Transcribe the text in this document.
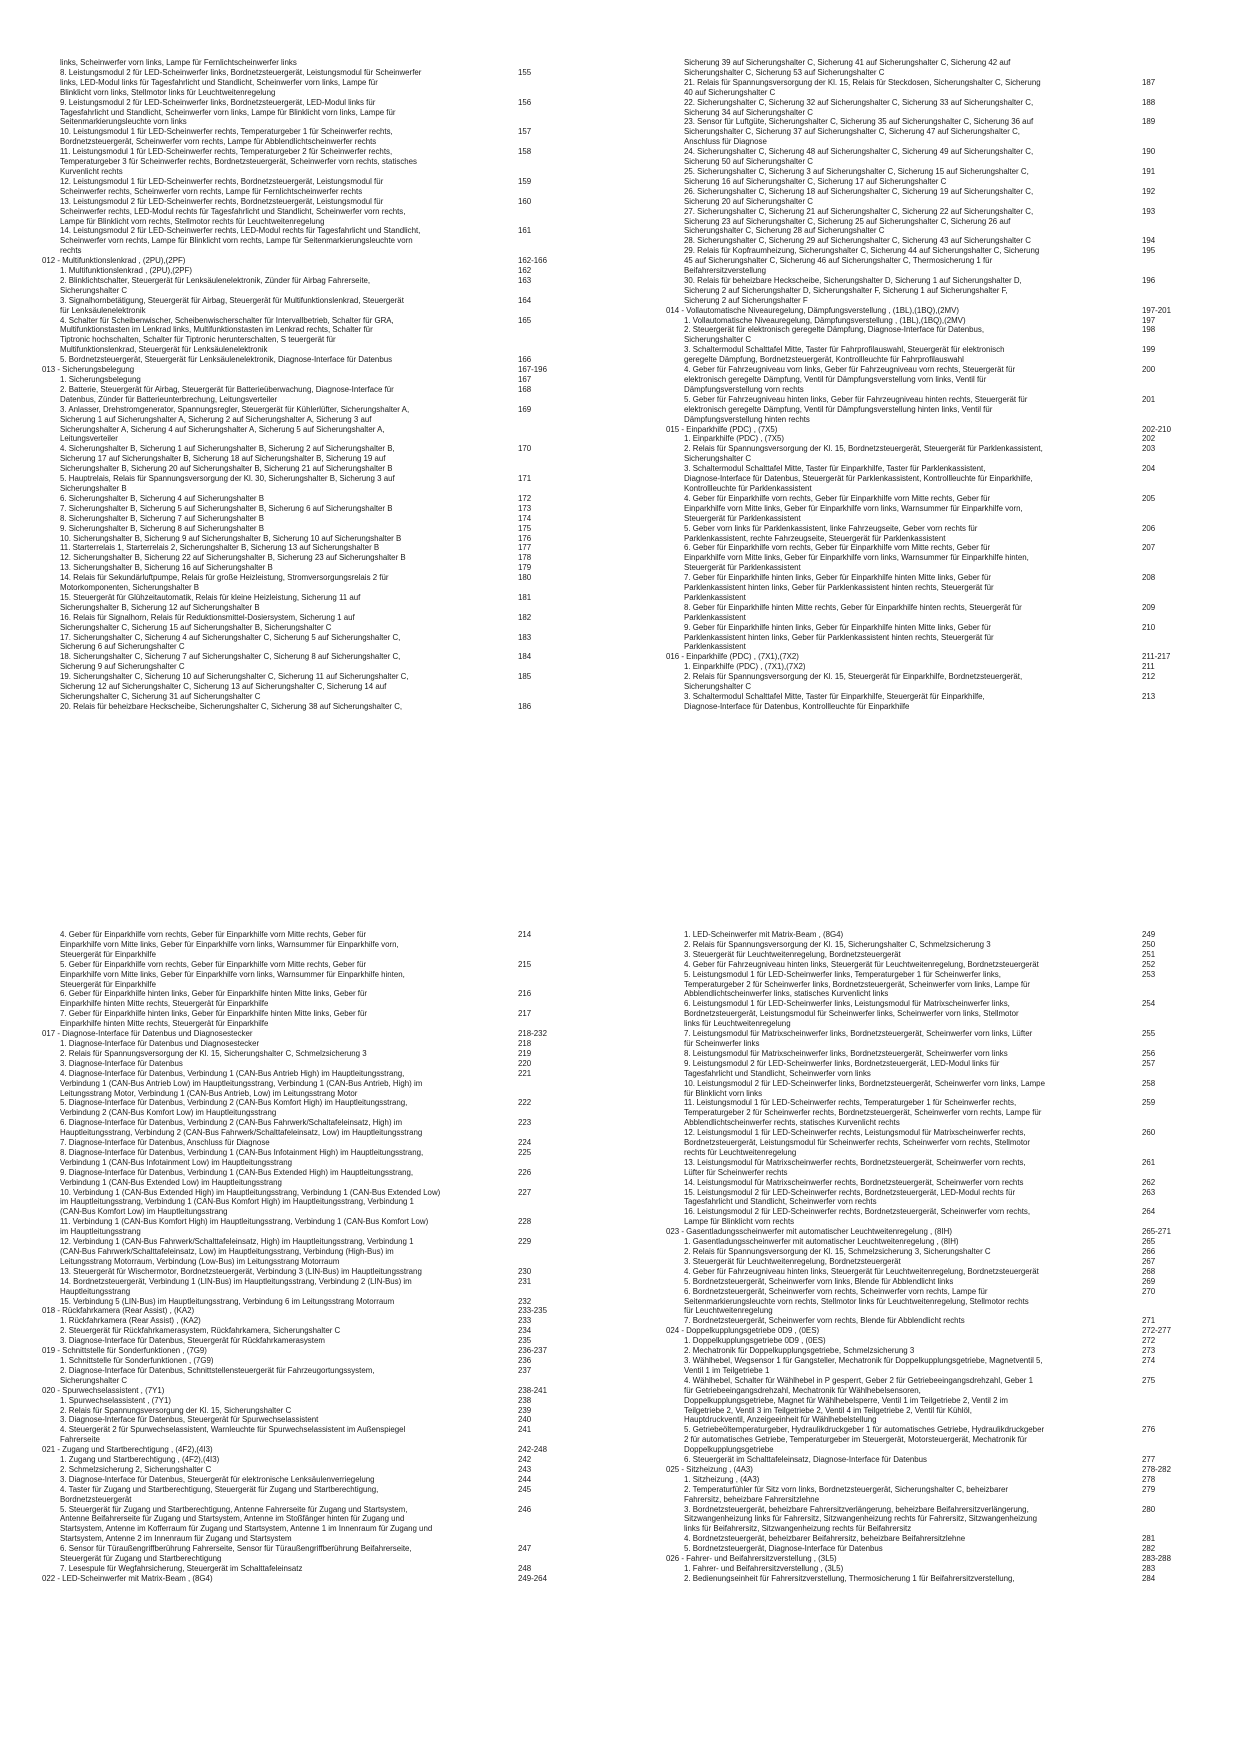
links, Scheinwerfer vorn links, Lampe für Fernlichtscheinwerfer links
8. Leistungsmodul 2 für LED-Scheinwerfer links, Bordnetzsteuergerät, Leistungsmodul für Scheinwerfer
links, LED-Modul links für Tagesfahrlicht und Standlicht, Scheinwerfer vorn links, Lampe für
Blinklicht vorn links, Stellmotor links für Leuchtweitenregelung
155
9. Leistungsmodul 2 für LED-Scheinwerfer links, Bordnetzsteuergerät, LED-Modul links für
Tagesfahrlicht und Standlicht, Scheinwerfer vorn links, Lampe für Blinklicht vorn links, Lampe für
Seitenmarkierungsleuchte vorn links
156
10. Leistungsmodul 1 für LED-Scheinwerfer rechts, Temperaturgeber 1 für Scheinwerfer rechts,
Bordnetzsteuergerät, Scheinwerfer vorn rechts, Lampe für Abblendlichtscheinwerfer rechts
157
11. Leistungsmodul 1 für LED-Scheinwerfer rechts, Temperaturgeber 2 für Scheinwerfer rechts,
Temperaturgeber 3 für Scheinwerfer rechts, Bordnetzsteuergerät, Scheinwerfer vorn rechts, statisches
Kurvenlicht rechts
158
12. Leistungsmodul 1 für LED-Scheinwerfer rechts, Bordnetzsteuergerät, Leistungsmodul für
Scheinwerfer rechts, Scheinwerfer vorn rechts, Lampe für Fernlichtscheinwerfer rechts
159
13. Leistungsmodul 2 für LED-Scheinwerfer rechts, Bordnetzsteuergerät, Leistungsmodul für
Scheinwerfer rechts, LED-Modul rechts für Tagesfahrlicht und Standlicht, Scheinwerfer vorn rechts,
Lampe für Blinklicht vorn rechts, Stellmotor rechts für Leuchtweitenregelung
160
14. Leistungsmodul 2 für LED-Scheinwerfer rechts, LED-Modul rechts für Tagesfahrlicht und Standlicht,
Scheinwerfer vorn rechts, Lampe für Blinklicht vorn rechts, Lampe für Seitenmarkierungsleuchte vorn
rechts
161
012 - Multifunktionslenkrad , (2PU),(2PF)	162-166
1. Multifunktionslenkrad , (2PU),(2PF)	162
2. Blinklichtschalter, Steuergerät für Lenksäulenelektronik, Zünder für Airbag Fahrerseite,
Sicherungshalter C
163
3. Signalhornbetätigung, Steuergerät für Airbag, Steuergerät für Multifunktionslenkrad, Steuergerät
für Lenksäulenelektronik
164
4. Schalter für Scheibenwischer, Scheibenwischerschalter für Intervallbetrieb, Schalter für GRA,
Multifunktionstasten im Lenkrad links, Multifunktionstasten im Lenkrad rechts, Schalter für
Tiptronic hochschalten, Schalter für Tiptronic herunterschalten, S teuergerät für
Multifunktionslenkrad, Steuergerät für Lenksäulenelektronik
165
5. Bordnetzsteuergerät, Steuergerät für Lenksäulenelektronik, Diagnose-Interface für Datenbus	166
013 - Sicherungsbelegung	167-196
1. Sicherungsbelegung	167
2. Batterie, Steuergerät für Airbag, Steuergerät für Batterieüberwachung, Diagnose-Interface für
Datenbus, Zünder für Batterieunterbrechung, Leitungsverteiler
168
3. Anlasser, Drehstromgenerator, Spannungsregler, Steuergerät für Kühlerlüfter, Sicherungshalter A,
Sicherung 1 auf Sicherungshalter A, Sicherung 2 auf Sicherungshalter A, Sicherung 3 auf
Sicherungshalter A, Sicherung 4 auf Sicherungshalter A, Sicherung 5 auf Sicherungshalter A,
Leitungsverteiler
169
4. Sicherungshalter B, Sicherung 1 auf Sicherungshalter B, Sicherung 2 auf Sicherungshalter B,
Sicherung 17 auf Sicherungshalter B, Sicherung 18 auf Sicherungshalter B, Sicherung 19 auf
Sicherungshalter B, Sicherung 20 auf Sicherungshalter B, Sicherung 21 auf Sicherungshalter B
170
5. Hauptrelais, Relais für Spannungsversorgung der Kl. 30, Sicherungshalter B, Sicherung 3 auf
Sicherungshalter B
171
6. Sicherungshalter B, Sicherung 4 auf Sicherungshalter B	172
7. Sicherungshalter B, Sicherung 5 auf Sicherungshalter B, Sicherung 6 auf Sicherungshalter B	173
8. Sicherungshalter B, Sicherung 7 auf Sicherungshalter B	174
9. Sicherungshalter B, Sicherung 8 auf Sicherungshalter B	175
10. Sicherungshalter B, Sicherung 9 auf Sicherungshalter B, Sicherung 10 auf Sicherungshalter B	176
11. Starterrelais 1, Starterrelais 2, Sicherungshalter B, Sicherung 13 auf Sicherungshalter B	177
12. Sicherungshalter B, Sicherung 22 auf Sicherungshalter B, Sicherung 23 auf Sicherungshalter B	178
13. Sicherungshalter B, Sicherung 16 auf Sicherungshalter B	179
14. Relais für Sekundärluftpumpe, Relais für große Heizleistung, Stromversorgungsrelais 2 für
Motorkomponenten, Sicherungshalter B
180
15. Steuergerät für Glühzeitautomatik, Relais für kleine Heizleistung, Sicherung 11 auf
Sicherungshalter B, Sicherung 12 auf Sicherungshalter B
181
16. Relais für Signalhorn, Relais für Reduktionsmittel-Dosiersystem, Sicherung 1 auf
Sicherungshalter C, Sicherung 15 auf Sicherungshalter B, Sicherungshalter C
182
17. Sicherungshalter C, Sicherung 4 auf Sicherungshalter C, Sicherung 5 auf Sicherungshalter C,
Sicherung 6 auf Sicherungshalter C
183
18. Sicherungshalter C, Sicherung 7 auf Sicherungshalter C, Sicherung 8 auf Sicherungshalter C,
Sicherung 9 auf Sicherungshalter C
184
19. Sicherungshalter C, Sicherung 10 auf Sicherungshalter C, Sicherung 11 auf Sicherungshalter C,
Sicherung 12 auf Sicherungshalter C, Sicherung 13 auf Sicherungshalter C, Sicherung 14 auf
Sicherungshalter C, Sicherung 31 auf Sicherungshalter C
185
20. Relais für beheizbare Heckscheibe, Sicherungshalter C, Sicherung 38 auf Sicherungshalter C,	186
Sicherung 39 auf Sicherungshalter C, Sicherung 41 auf Sicherungshalter C, Sicherung 42 auf
Sicherungshalter C, Sicherung 53 auf Sicherungshalter C
21. Relais für Spannungsversorgung der Kl. 15, Relais für Steckdosen, Sicherungshalter C, Sicherung
40 auf Sicherungshalter C
187
22. Sicherungshalter C, Sicherung 32 auf Sicherungshalter C, Sicherung 33 auf Sicherungshalter C,
Sicherung 34 auf Sicherungshalter C
188
23. Sensor für Luftgüte, Sicherungshalter C, Sicherung 35 auf Sicherungshalter C, Sicherung 36 auf
Sicherungshalter C, Sicherung 37 auf Sicherungshalter C, Sicherung 47 auf Sicherungshalter C,
Anschluss für Diagnose
189
24. Sicherungshalter C, Sicherung 48 auf Sicherungshalter C, Sicherung 49 auf Sicherungshalter C,
Sicherung 50 auf Sicherungshalter C
190
25. Sicherungshalter C, Sicherung 3 auf Sicherungshalter C, Sicherung 15 auf Sicherungshalter C,
Sicherung 16 auf Sicherungshalter C, Sicherung 17 auf Sicherungshalter C
191
26. Sicherungshalter C, Sicherung 18 auf Sicherungshalter C, Sicherung 19 auf Sicherungshalter C,
Sicherung 20 auf Sicherungshalter C
192
27. Sicherungshalter C, Sicherung 21 auf Sicherungshalter C, Sicherung 22 auf Sicherungshalter C,
Sicherung 23 auf Sicherungshalter C, Sicherung 25 auf Sicherungshalter C, Sicherung 26 auf
Sicherungshalter C, Sicherung 28 auf Sicherungshalter C
193
28. Sicherungshalter C, Sicherung 29 auf Sicherungshalter C, Sicherung 43 auf Sicherungshalter C	194
29. Relais für Kopfraumheizung, Sicherungshalter C, Sicherung 44 auf Sicherungshalter C, Sicherung
45 auf Sicherungshalter C, Sicherung 46 auf Sicherungshalter C, Thermosicherung 1 für
Beifahrersitzverstellung
195
30. Relais für beheizbare Heckscheibe, Sicherungshalter D, Sicherung 1 auf Sicherungshalter D,
Sicherung 2 auf Sicherungshalter D, Sicherungshalter F, Sicherung 1 auf Sicherungshalter F,
Sicherung 2 auf Sicherungshalter F
196
014 - Vollautomatische Niveauregelung, Dämpfungsverstellung , (1BL),(1BQ),(2MV)	197-201
1. Vollautomatische Niveauregelung, Dämpfungsverstellung , (1BL),(1BQ),(2MV)	197
2. Steuergerät für elektronisch geregelte Dämpfung, Diagnose-Interface für Datenbus,
Sicherungshalter C
198
3. Schaltermodul Schalttafel Mitte, Taster für Fahrprofilauswahl, Steuergerät für elektronisch
geregelte Dämpfung, Bordnetzsteuergerät, Kontrollleuchte für Fahrprofilauswahl
199
4. Geber für Fahrzeugniveau vorn links, Geber für Fahrzeugniveau vorn rechts, Steuergerät für
elektronisch geregelte Dämpfung, Ventil für Dämpfungsverstellung vorn links, Ventil für
Dämpfungsverstellung vorn rechts
200
5. Geber für Fahrzeugniveau hinten links, Geber für Fahrzeugniveau hinten rechts, Steuergerät für
elektronisch geregelte Dämpfung, Ventil für Dämpfungsverstellung hinten links, Ventil für
Dämpfungsverstellung hinten rechts
201
015 - Einparkhilfe (PDC) , (7X5)	202-210
1. Einparkhilfe (PDC) , (7X5)	202
2. Relais für Spannungsversorgung der Kl. 15, Bordnetzsteuergerät, Steuergerät für Parklenkassistent,
Sicherungshalter C
203
3. Schaltermodul Schalttafel Mitte, Taster für Einparkhilfe, Taster für Parklenkassistent,
Diagnose-Interface für Datenbus, Steuergerät für Parklenkassistent, Kontrollleuchte für Einparkhilfe,
Kontrollleuchte für Parklenkassistent
204
4. Geber für Einparkhilfe vorn rechts, Geber für Einparkhilfe vorn Mitte rechts, Geber für
Einparkhilfe vorn Mitte links, Geber für Einparkhilfe vorn links, Warnsummer für Einparkhilfe vorn,
Steuergerät für Parklenkassistent
205
5. Geber vorn links für Parklenkassistent, linke Fahrzeugseite, Geber vorn rechts für
Parklenkassistent, rechte Fahrzeugseite, Steuergerät für Parklenkassistent
206
6. Geber für Einparkhilfe vorn rechts, Geber für Einparkhilfe vorn Mitte rechts, Geber für
Einparkhilfe vorn Mitte links, Geber für Einparkhilfe vorn links, Warnsummer für Einparkhilfe hinten,
Steuergerät für Parklenkassistent
207
7. Geber für Einparkhilfe hinten links, Geber für Einparkhilfe hinten Mitte links, Geber für
Parklenkassistent hinten links, Geber für Parklenkassistent hinten rechts, Steuergerät für
Parklenkassistent
208
8. Geber für Einparkhilfe hinten Mitte rechts, Geber für Einparkhilfe hinten rechts, Steuergerät für
Parklenkassistent
209
9. Geber für Einparkhilfe hinten links, Geber für Einparkhilfe hinten Mitte links, Geber für
Parklenkassistent hinten links, Geber für Parklenkassistent hinten rechts, Steuergerät für
Parklenkassistent
210
016 - Einparkhilfe (PDC) , (7X1),(7X2)	211-217
1. Einparkhilfe (PDC) , (7X1),(7X2)	211
2. Relais für Spannungsversorgung der Kl. 15, Steuergerät für Einparkhilfe, Bordnetzsteuergerät,
Sicherungshalter C
212
3. Schaltermodul Schalttafel Mitte, Taster für Einparkhilfe, Steuergerät für Einparkhilfe,
Diagnose-Interface für Datenbus, Kontrollleuchte für Einparkhilfe
213
4. Geber für Einparkhilfe vorn rechts, Geber für Einparkhilfe vorn Mitte rechts, Geber für
Einparkhilfe vorn Mitte links, Geber für Einparkhilfe vorn links, Warnsummer für Einparkhilfe vorn,
Steuergerät für Einparkhilfe
214
5. Geber für Einparkhilfe vorn rechts, Geber für Einparkhilfe vorn Mitte rechts, Geber für
Einparkhilfe vorn Mitte links, Geber für Einparkhilfe vorn links, Warnsummer für Einparkhilfe hinten,
Steuergerät für Einparkhilfe
215
6. Geber für Einparkhilfe hinten links, Geber für Einparkhilfe hinten Mitte links, Geber für
Einparkhilfe hinten Mitte rechts, Steuergerät für Einparkhilfe
216
7. Geber für Einparkhilfe hinten links, Geber für Einparkhilfe hinten Mitte links, Geber für
Einparkhilfe hinten Mitte rechts, Steuergerät für Einparkhilfe
217
017 - Diagnose-Interface für Datenbus und Diagnosestecker	218-232
1. Diagnose-Interface für Datenbus und Diagnosestecker	218
2. Relais für Spannungsversorgung der Kl. 15, Sicherungshalter C, Schmelzsicherung 3	219
3. Diagnose-Interface für Datenbus	220
4. Diagnose-Interface für Datenbus, Verbindung 1 (CAN-Bus Antrieb High) im Hauptleitungsstrang,
Verbindung 1 (CAN-Bus Antrieb Low) im Hauptleitungsstrang, Verbindung 1 (CAN-Bus Antrieb, High) im
Leitungsstrang Motor, Verbindung 1 (CAN-Bus Antrieb, Low) im Leitungsstrang Motor
221
5. Diagnose-Interface für Datenbus, Verbindung 2 (CAN-Bus Komfort High) im Hauptleitungsstrang,
Verbindung 2 (CAN-Bus Komfort Low) im Hauptleitungsstrang
222
6. Diagnose-Interface für Datenbus, Verbindung 2 (CAN-Bus Fahrwerk/Schaltafeleinsatz, High) im
Hauptleitungsstrang, Verbindung 2 (CAN-Bus Fahrwerk/Schalttafeleinsatz, Low) im Hauptleitungsstrang
223
7. Diagnose-Interface für Datenbus, Anschluss für Diagnose	224
8. Diagnose-Interface für Datenbus, Verbindung 1 (CAN-Bus Infotainment High) im Hauptleitungsstrang,
Verbindung 1 (CAN-Bus Infotainment Low) im Hauptleitungsstrang
225
9. Diagnose-Interface für Datenbus, Verbindung 1 (CAN-Bus Extended High) im Hauptleitungsstrang,
Verbindung 1 (CAN-Bus Extended Low) im Hauptleitungsstrang
226
10. Verbindung 1 (CAN-Bus Extended High) im Hauptleitungsstrang, Verbindung 1 (CAN-Bus Extended Low)
im Hauptleitungsstrang, Verbindung 1 (CAN-Bus Komfort High) im Hauptleitungsstrang, Verbindung 1
(CAN-Bus Komfort Low) im Hauptleitungsstrang
227
11. Verbindung 1 (CAN-Bus Komfort High) im Hauptleitungsstrang, Verbindung 1 (CAN-Bus Komfort Low)
im Hauptleitungsstrang
228
12. Verbindung 1 (CAN-Bus Fahrwerk/Schalttafeleinsatz, High) im Hauptleitungsstrang, Verbindung 1
(CAN-Bus Fahrwerk/Schalttafeleinsatz, Low) im Hauptleitungsstrang, Verbindung (High-Bus) im
Leitungsstrang Motorraum, Verbindung (Low-Bus) im Leitungsstrang Motorraum
229
13. Steuergerät für Wischermotor, Bordnetzsteuergerät, Verbindung 3 (LIN-Bus) im Hauptleitungsstrang	230
14. Bordnetzsteuergerät, Verbindung 1 (LIN-Bus) im Hauptleitungsstrang, Verbindung 2 (LIN-Bus) im
Hauptleitungsstrang
231
15. Verbindung 5 (LIN-Bus) im Hauptleitungsstrang, Verbindung 6 im Leitungsstrang Motorraum	232
018 - Rückfahrkamera (Rear Assist) , (KA2)	233-235
1. Rückfahrkamera (Rear Assist) , (KA2)	233
2. Steuergerät für Rückfahrkamerasystem, Rückfahrkamera, Sicherungshalter C	234
3. Diagnose-Interface für Datenbus, Steuergerät für Rückfahrkamerasystem	235
019 - Schnittstelle für Sonderfunktionen , (7G9)	236-237
1. Schnittstelle für Sonderfunktionen , (7G9)	236
2. Diagnose-Interface für Datenbus, Schnittstellensteuergerät für Fahrzeugortungssystem,
Sicherungshalter C
237
020 - Spurwechselassistent , (7Y1)	238-241
1. Spurwechselassistent , (7Y1)	238
2. Relais für Spannungsversorgung der Kl. 15, Sicherungshalter C	239
3. Diagnose-Interface für Datenbus, Steuergerät für Spurwechselassistent	240
4. Steuergerät 2 für Spurwechselassistent, Warnleuchte für Spurwechselassistent im Außenspiegel
Fahrerseite
241
021 - Zugang und Startberechtigung , (4F2),(4I3)	242-248
1. Zugang und Startberechtigung , (4F2),(4I3)	242
2. Schmelzsicherung 2, Sicherungshalter C	243
3. Diagnose-Interface für Datenbus, Steuergerät für elektronische Lenksäulenverriegelung	244
4. Taster für Zugang und Startberechtigung, Steuergerät für Zugang und Startberechtigung,
Bordnetzsteuergerät
245
5. Steuergerät für Zugang und Startberechtigung, Antenne Fahrerseite für Zugang und Startsystem,
Antenne Beifahrerseite für Zugang und Startsystem, Antenne im Stoßfänger hinten für Zugang und
Startsystem, Antenne im Kofferraum für Zugang und Startsystem, Antenne 1 im Innenraum für Zugang und
Startsystem, Antenne 2 im Innenraum für Zugang und Startsystem
246
6. Sensor für Türaußengriffberührung Fahrerseite, Sensor für Türaußengriffberührung Beifahrerseite,
Steuergerät für Zugang und Startberechtigung
247
7. Lesespule für Wegfahrsicherung, Steuergerät im Schalttafeleinsatz	248
022 - LED-Scheinwerfer mit Matrix-Beam , (8G4)	249-264
1. LED-Scheinwerfer mit Matrix-Beam , (8G4)	249
2. Relais für Spannungsversorgung der Kl. 15, Sicherungshalter C, Schmelzsicherung 3	250
3. Steuergerät für Leuchtweitenregelung, Bordnetzsteuergerät	251
4. Geber für Fahrzeugniveau hinten links, Steuergerät für Leuchtweitenregelung, Bordnetzsteuergerät	252
5. Leistungsmodul 1 für LED-Scheinwerfer links, Temperaturgeber 1 für Scheinwerfer links,
Temperaturgeber 2 für Scheinwerfer links, Bordnetzsteuergerät, Scheinwerfer vorn links, Lampe für
Abblendlichtscheinwerfer links, statisches Kurvenlicht links
253
6. Leistungsmodul 1 für LED-Scheinwerfer links, Leistungsmodul für Matrixscheinwerfer links,
Bordnetzsteuergerät, Leistungsmodul für Scheinwerfer links, Scheinwerfer vorn links, Stellmotor
links für Leuchtweitenregelung
254
7. Leistungsmodul für Matrixscheinwerfer links, Bordnetzsteuergerät, Scheinwerfer vorn links, Lüfter
für Scheinwerfer links
255
8. Leistungsmodul für Matrixscheinwerfer links, Bordnetzsteuergerät, Scheinwerfer vorn links	256
9. Leistungsmodul 2 für LED-Scheinwerfer links, Bordnetzsteuergerät, LED-Modul links für
Tagesfahrlicht und Standlicht, Scheinwerfer vorn links
257
10. Leistungsmodul 2 für LED-Scheinwerfer links, Bordnetzsteuergerät, Scheinwerfer vorn links, Lampe
für Blinklicht vorn links
258
11. Leistungsmodul 1 für LED-Scheinwerfer rechts, Temperaturgeber 1 für Scheinwerfer rechts,
Temperaturgeber 2 für Scheinwerfer rechts, Bordnetzsteuergerät, Scheinwerfer vorn rechts, Lampe für
Abblendlichtscheinwerfer rechts, statisches Kurvenlicht rechts
259
12. Leistungsmodul 1 für LED-Scheinwerfer rechts, Leistungsmodul für Matrixscheinwerfer rechts,
Bordnetzsteuergerät, Leistungsmodul für Scheinwerfer rechts, Scheinwerfer vorn rechts, Stellmotor
rechts für Leuchtweitenregelung
260
13. Leistungsmodul für Matrixscheinwerfer rechts, Bordnetzsteuergerät, Scheinwerfer vorn rechts,
Lüfter für Scheinwerfer rechts
261
14. Leistungsmodul für Matrixscheinwerfer rechts, Bordnetzsteuergerät, Scheinwerfer vorn rechts	262
15. Leistungsmodul 2 für LED-Scheinwerfer rechts, Bordnetzsteuergerät, LED-Modul rechts für
Tagesfahrlicht und Standlicht, Scheinwerfer vorn rechts
263
16. Leistungsmodul 2 für LED-Scheinwerfer rechts, Bordnetzsteuergerät, Scheinwerfer vorn rechts,
Lampe für Blinklicht vorn rechts
264
023 - Gasentladungsscheinwerfer mit automatischer Leuchtweitenregelung , (8IH)	265-271
1. Gasentladungsscheinwerfer mit automatischer Leuchtweitenregelung , (8IH)	265
2. Relais für Spannungsversorgung der Kl. 15, Schmelzsicherung 3, Sicherungshalter C	266
3. Steuergerät für Leuchtweitenregelung, Bordnetzsteuergerät	267
4. Geber für Fahrzeugniveau hinten links, Steuergerät für Leuchtweitenregelung, Bordnetzsteuergerät	268
5. Bordnetzsteuergerät, Scheinwerfer vorn links, Blende für Abblendlicht links	269
6. Bordnetzsteuergerät, Scheinwerfer vorn rechts, Scheinwerfer vorn rechts, Lampe für
Seitenmarkierungsleuchte vorn rechts, Stellmotor links für Leuchtweitenregelung, Stellmotor rechts
für Leuchtweitenregelung
270
7. Bordnetzsteuergerät, Scheinwerfer vorn rechts, Blende für Abblendlicht rechts	271
024 - Doppelkupplungsgetriebe 0D9 , (0ES)	272-277
1. Doppelkupplungsgetriebe 0D9 , (0ES)	272
2. Mechatronik für Doppelkupplungsgetriebe, Schmelzsicherung 3	273
3. Wählhebel, Wegsensor 1 für Gangsteller, Mechatronik für Doppelkupplungsgetriebe, Magnetventil 5,
Ventil 1 im Teilgetriebe 1
274
4. Wählhebel, Schalter für Wählhebel in P gesperrt, Geber 2 für Getriebeeingangsdrehzahl, Geber 1
für Getriebeeingangsdrehzahl, Mechatronik für Wählhebelsensoren,
Doppelkupplungsgetriebe, Magnet für Wählhebelsperre, Ventil 1 im Teilgetriebe 2, Ventil 2 im
Teilgetriebe 2, Ventil 3 im Teilgetriebe 2, Ventil 4 im Teilgetriebe 2, Ventil für Kühlöl,
Hauptdruckventil, Anzeigeeinheit für Wählhebelstellung
275
5. Getriebeöltemperaturgeber, Hydraulikdruckgeber 1 für automatisches Getriebe, Hydraulikdruckgeber
2 für automatisches Getriebe, Temperaturgeber im Steuergerät, Motorsteuergerät, Mechatronik für
Doppelkupplungsgetriebe
276
6. Steuergerät im Schalttafeleinsatz, Diagnose-Interface für Datenbus	277
025 - Sitzheizung , (4A3)	278-282
1. Sitzheizung , (4A3)	278
2. Temperaturfühler für Sitz vorn links, Bordnetzsteuergerät, Sicherungshalter C, beheizbarer
Fahrersitz, beheizbare Fahrersitzlehne
279
3. Bordnetzsteuergerät, beheizbare Fahrersitzverlängerung, beheizbare Beifahrersitzverlängerung,
Sitzwangenheizung links für Fahrersitz, Sitzwangenheizung rechts für Fahrersitz, Sitzwangenheizung
links für Beifahrersitz, Sitzwangenheizung rechts für Beifahrersitz
280
4. Bordnetzsteuergerät, beheizbarer Beifahrersitz, beheizbare Beifahrersitzlehne	281
5. Bordnetzsteuergerät, Diagnose-Interface für Datenbus	282
026 - Fahrer- und Beifahrersitzverstellung , (3L5)	283-288
1. Fahrer- und Beifahrersitzverstellung , (3L5)	283
2. Bedienungseinheit für Fahrersitzverstellung, Thermosicherung 1 für Beifahrersitzverstellung,	284
